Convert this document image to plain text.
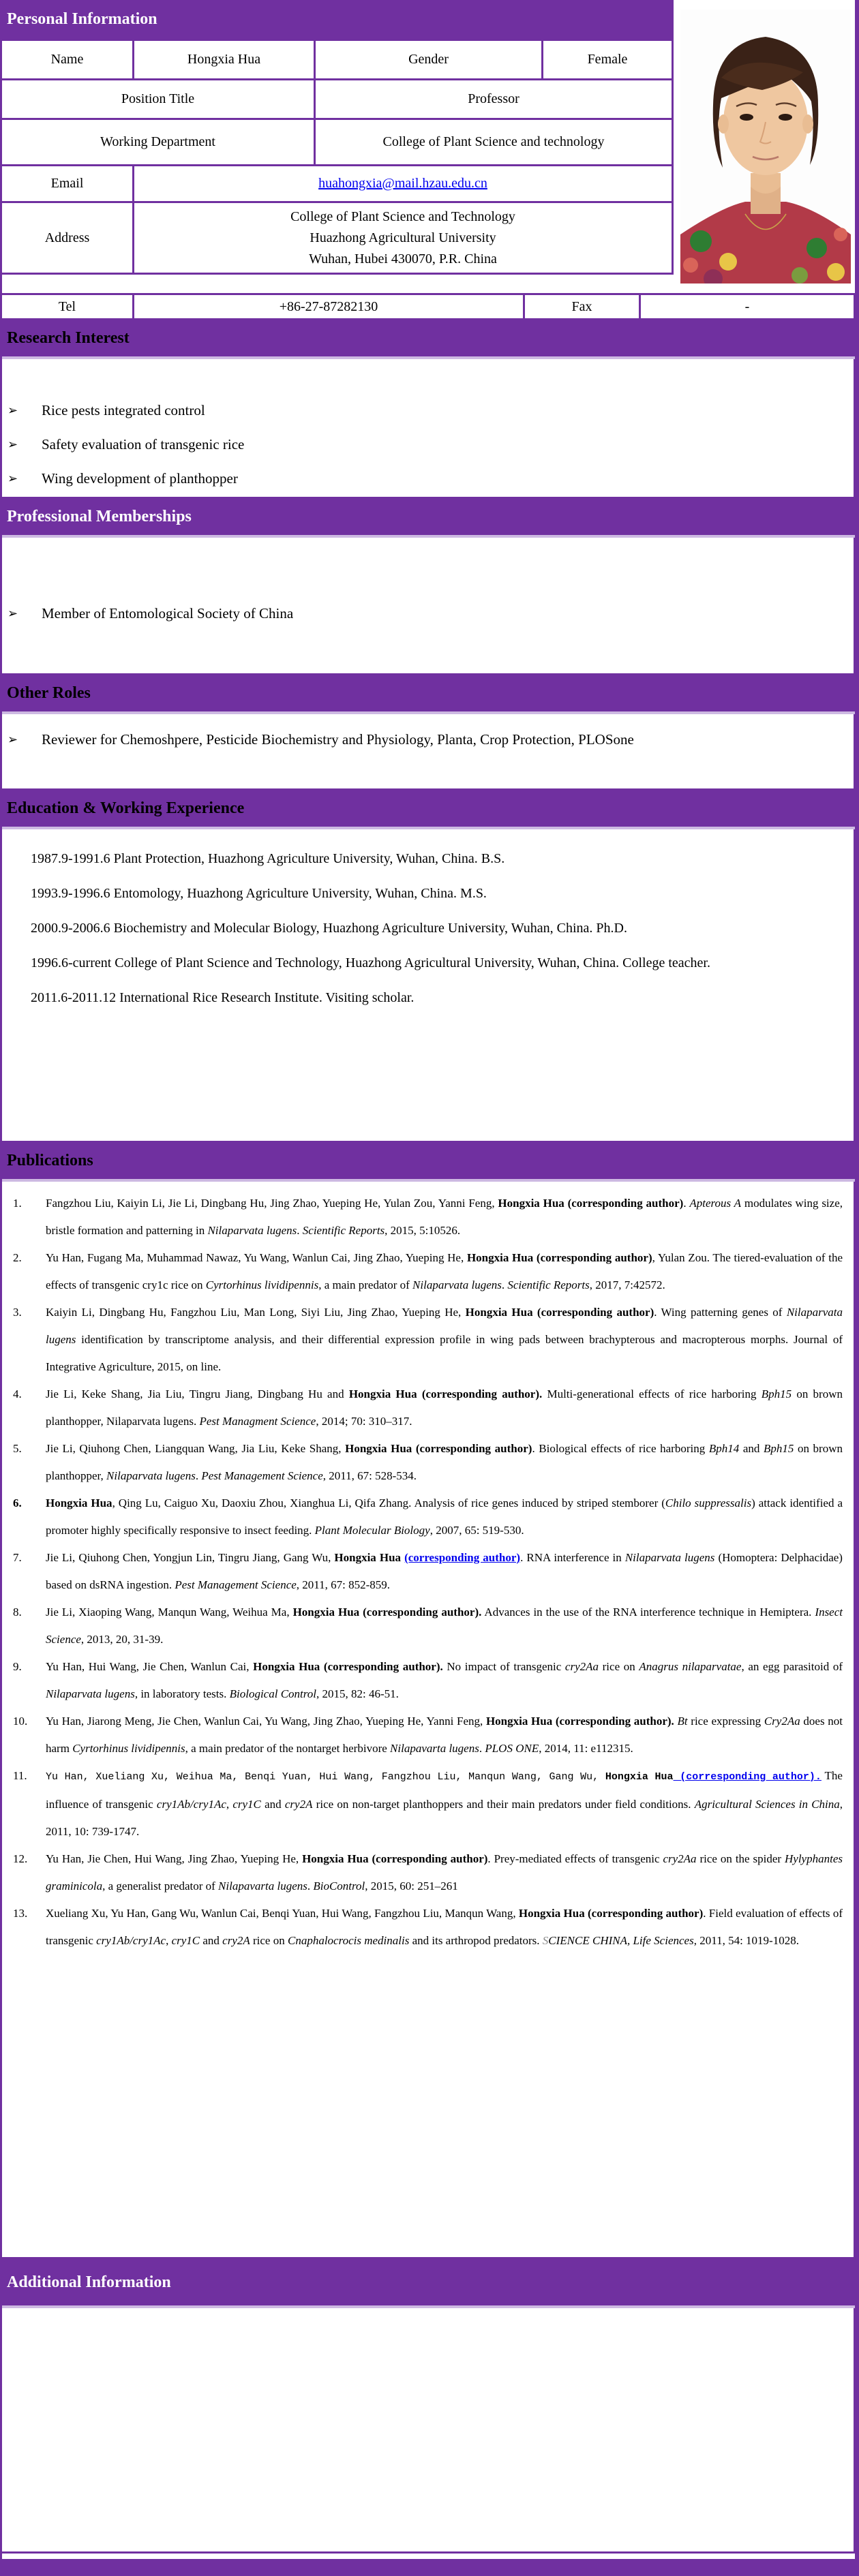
Personal Information
Name	Hongxia Hua	Gender	Female
Position Title		Professor	
Working Department		College of Plant Science and technology	
Email	huahongxia@mail.hzau.edu.cn		
Address	College of Plant Science and Technology
Huazhong Agricultural University
Wuhan, Hubei 430070, P.R. China		
Tel	+86-27-87282130	Fax	-
Research Interest
➢	Rice pests integrated control
➢	Safety evaluation of transgenic rice
➢	Wing development of planthopper
Professional Memberships
➢	Member of Entomological Society of China
Other Roles
➢	Reviewer for Chemoshpere, Pesticide Biochemistry and Physiology, Planta, Crop Protection, PLOSone
Education & Working Experience

1987.9-1991.6 Plant Protection, Huazhong Agriculture University, Wuhan, China. B.S.

1993.9-1996.6 Entomology, Huazhong Agriculture University, Wuhan, China. M.S.

2000.9-2006.6 Biochemistry and Molecular Biology, Huazhong Agriculture University, Wuhan, China. Ph.D.

1996.6-current College of Plant Science and Technology, Huazhong Agricultural University, Wuhan, China. College teacher.

2011.6-2011.12 International Rice Research Institute. Visiting scholar.

Publications
1.	Fangzhou Liu, Kaiyin Li, Jie Li, Dingbang Hu, Jing Zhao, Yueping He, Yulan Zou, Yanni Feng, Hongxia Hua (corresponding author). Apterous A modulates wing size, bristle formation and patterning in Nilaparvata lugens. Scientific Reports, 2015, 5:10526.
2.	Yu Han, Fugang Ma, Muhammad Nawaz, Yu Wang, Wanlun Cai, Jing Zhao, Yueping He, Hongxia Hua (corresponding author), Yulan Zou. The tiered-evaluation of the effects of transgenic cry1c rice on Cyrtorhinus lividipennis, a main predator of Nilaparvata lugens. Scientific Reports, 2017, 7:42572.
3.	Kaiyin Li, Dingbang Hu, Fangzhou Liu, Man Long, Siyi Liu, Jing Zhao, Yueping He, Hongxia Hua (corresponding author). Wing patterning genes of Nilaparvata lugens identification by transcriptome analysis, and their differential expression profile in wing pads between brachypterous and macropterous morphs. Journal of Integrative Agriculture, 2015, on line.
4.	Jie Li, Keke Shang, Jia Liu, Tingru Jiang, Dingbang Hu and Hongxia Hua (corresponding author). Multi-generational effects of rice harboring Bph15 on brown planthopper, Nilaparvata lugens. Pest Managment Science, 2014; 70: 310–317.
5.	Jie Li, Qiuhong Chen, Liangquan Wang, Jia Liu, Keke Shang, Hongxia Hua (corresponding author). Biological effects of rice harboring Bph14 and Bph15 on brown planthopper, Nilaparvata lugens. Pest Management Science, 2011, 67: 528-534.
6.	Hongxia Hua, Qing Lu, Caiguo Xu, Daoxiu Zhou, Xianghua Li, Qifa Zhang. Analysis of rice genes induced by striped stemborer (Chilo suppressalis) attack identified a promoter highly specifically responsive to insect feeding. Plant Molecular Biology, 2007, 65: 519-530.
7.	Jie Li, Qiuhong Chen, Yongjun Lin, Tingru Jiang, Gang Wu, Hongxia Hua (corresponding author). RNA interference in Nilaparvata lugens (Homoptera: Delphacidae) based on dsRNA ingestion. Pest Management Science, 2011, 67: 852-859.
8.	Jie Li, Xiaoping Wang, Manqun Wang, Weihua Ma, Hongxia Hua (corresponding author). Advances in the use of the RNA interference technique in Hemiptera. Insect Science, 2013, 20, 31-39.
9.	Yu Han, Hui Wang, Jie Chen, Wanlun Cai, Hongxia Hua (corresponding author). No impact of transgenic cry2Aa rice on Anagrus nilaparvatae, an egg parasitoid of Nilaparvata lugens, in laboratory tests. Biological Control, 2015, 82: 46-51.
10.	Yu Han, Jiarong Meng, Jie Chen, Wanlun Cai, Yu Wang, Jing Zhao, Yueping He, Yanni Feng, Hongxia Hua (corresponding author). Bt rice expressing Cry2Aa does not harm Cyrtorhinus lividipennis, a main predator of the nontarget herbivore Nilapavarta lugens. PLOS ONE, 2014, 11: e112315.
11.	Yu Han, Xueliang Xu, Weihua Ma, Benqi Yuan, Hui Wang, Fangzhou Liu, Manqun Wang, Gang Wu, Hongxia Hua (corresponding author). The influence of transgenic cry1Ab/cry1Ac, cry1C and cry2A rice on non-target planthoppers and their main predators under field conditions. Agricultural Sciences in China, 2011, 10: 739-1747.
12.	Yu Han, Jie Chen, Hui Wang, Jing Zhao, Yueping He, Hongxia Hua (corresponding author). Prey-mediated effects of transgenic cry2Aa rice on the spider Hylyphantes graminicola, a generalist predator of Nilapavarta lugens. BioControl, 2015, 60: 251–261
13.	Xueliang Xu, Yu Han, Gang Wu, Wanlun Cai, Benqi Yuan, Hui Wang, Fangzhou Liu, Manqun Wang, Hongxia Hua (corresponding author). Field evaluation of effects of transgenic cry1Ab/cry1Ac, cry1C and cry2A rice on Cnaphalocrocis medinalis and its arthropod predators. SCIENCE CHINA, Life Sciences, 2011, 54: 1019-1028.
Additional Information
